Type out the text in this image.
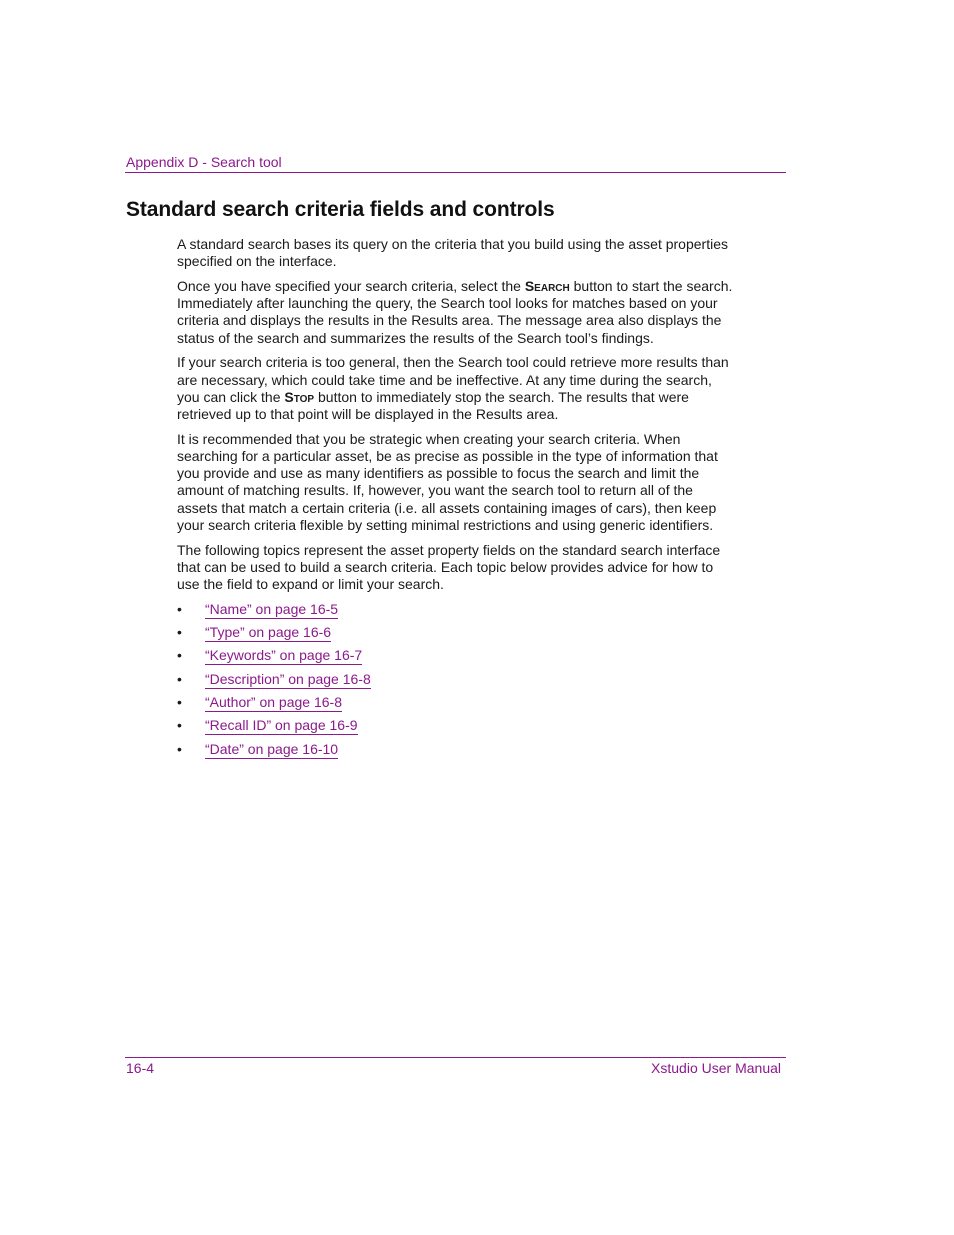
Appendix D - Search tool
Standard search criteria fields and controls

A standard search bases its query on the criteria that you build using the asset properties specified on the interface.

Once you have specified your search criteria, select the Search button to start the search. Immediately after launching the query, the Search tool looks for matches based on your criteria and displays the results in the Results area. The message area also displays the status of the search and summarizes the results of the Search tool’s findings.

If your search criteria is too general, then the Search tool could retrieve more results than are necessary, which could take time and be ineffective. At any time during the search, you can click the Stop button to immediately stop the search. The results that were retrieved up to that point will be displayed in the Results area.

It is recommended that you be strategic when creating your search criteria. When searching for a particular asset, be as precise as possible in the type of information that you provide and use as many identifiers as possible to focus the search and limit the amount of matching results. If, however, you want the search tool to return all of the assets that match a certain criteria (i.e. all assets containing images of cars), then keep your search criteria flexible by setting minimal restrictions and using generic identifiers.

The following topics represent the asset property fields on the standard search interface that can be used to build a search criteria. Each topic below provides advice for how to use the field to expand or limit your search.

• “Name” on page 16-5
• “Type” on page 16-6
• “Keywords” on page 16-7
• “Description” on page 16-8
• “Author” on page 16-8
• “Recall ID” on page 16-9
• “Date” on page 16-10
16-4	Xstudio User Manual
